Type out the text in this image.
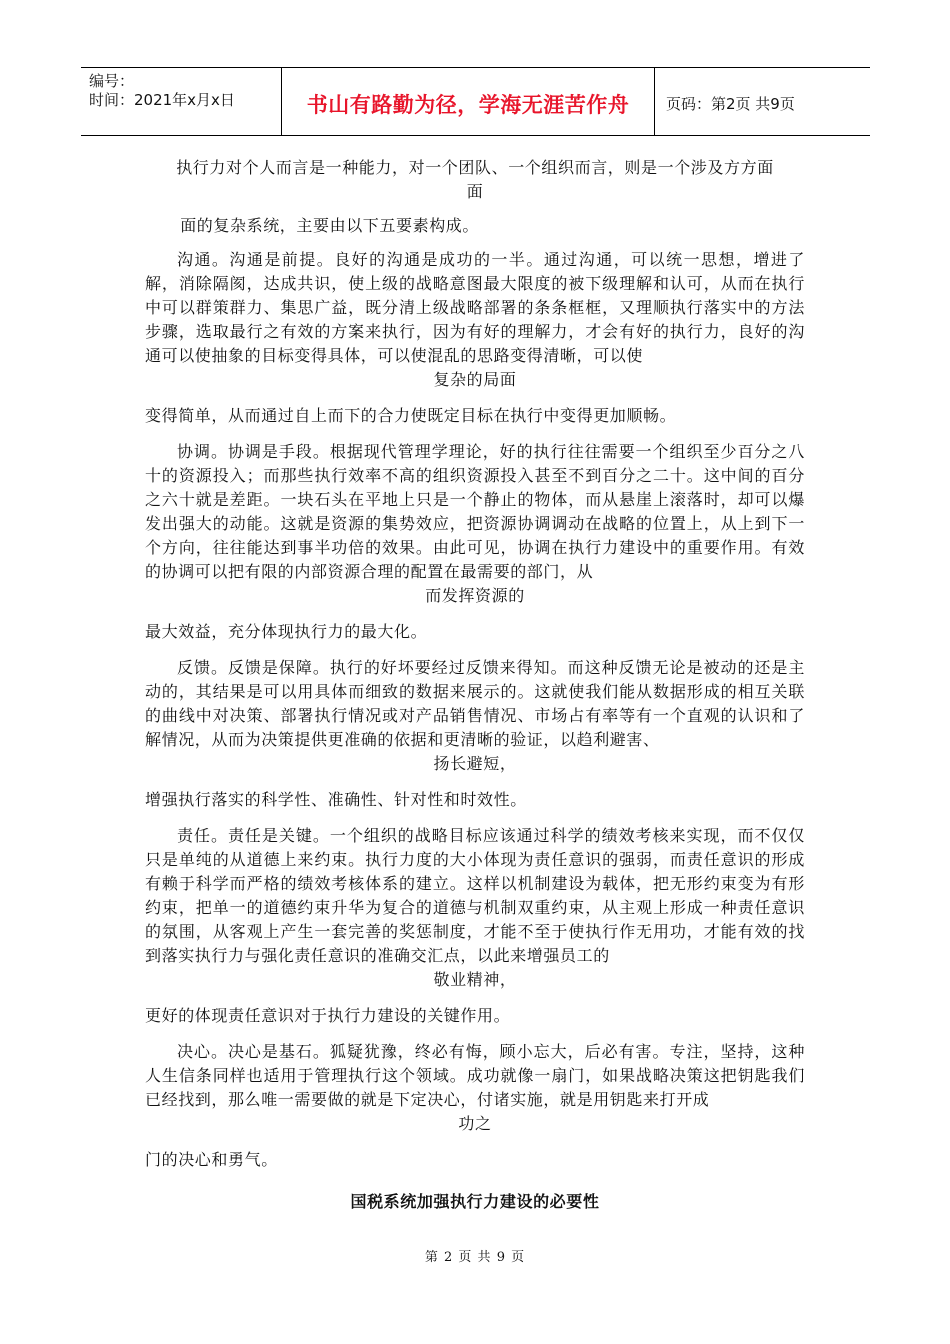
编号：
时间：2021年x月x日	书山有路勤为径，学海无涯苦作舟	页码：第2页 共9页

执行力对个人而言是一种能力，对一个团队、一个组织而言，则是一个涉及方方面

面

面的复杂系统，主要由以下五要素构成。

沟通。沟通是前提。良好的沟通是成功的一半。通过沟通，可以统一思想，增进了解，消除隔阂，达成共识，使上级的战略意图最大限度的被下级理解和认可，从而在执行中可以群策群力、集思广益，既分清上级战略部署的条条框框，又理顺执行落实中的方法步骤，选取最行之有效的方案来执行，因为有好的理解力，才会有好的执行力，良好的沟通可以使抽象的目标变得具体，可以使混乱的思路变得清晰，可以使

复杂的局面

变得简单，从而通过自上而下的合力使既定目标在执行中变得更加顺畅。

协调。协调是手段。根据现代管理学理论，好的执行往往需要一个组织至少百分之八十的资源投入；而那些执行效率不高的组织资源投入甚至不到百分之二十。这中间的百分之六十就是差距。一块石头在平地上只是一个静止的物体，而从悬崖上滚落时，却可以爆发出强大的动能。这就是资源的集势效应，把资源协调调动在战略的位置上，从上到下一个方向，往往能达到事半功倍的效果。由此可见，协调在执行力建设中的重要作用。有效的协调可以把有限的内部资源合理的配置在最需要的部门，从

而发挥资源的

最大效益，充分体现执行力的最大化。

反馈。反馈是保障。执行的好坏要经过反馈来得知。而这种反馈无论是被动的还是主动的，其结果是可以用具体而细致的数据来展示的。这就使我们能从数据形成的相互关联的曲线中对决策、部署执行情况或对产品销售情况、市场占有率等有一个直观的认识和了解情况，从而为决策提供更准确的依据和更清晰的验证，以趋利避害、

扬长避短，

增强执行落实的科学性、准确性、针对性和时效性。

责任。责任是关键。一个组织的战略目标应该通过科学的绩效考核来实现，而不仅仅只是单纯的从道德上来约束。执行力度的大小体现为责任意识的强弱，而责任意识的形成有赖于科学而严格的绩效考核体系的建立。这样以机制建设为载体，把无形约束变为有形约束，把单一的道德约束升华为复合的道德与机制双重约束，从主观上形成一种责任意识的氛围，从客观上产生一套完善的奖惩制度，才能不至于使执行作无用功，才能有效的找到落实执行力与强化责任意识的准确交汇点，以此来增强员工的

敬业精神，

更好的体现责任意识对于执行力建设的关键作用。

决心。决心是基石。狐疑犹豫，终必有悔，顾小忘大，后必有害。专注，坚持，这种人生信条同样也适用于管理执行这个领域。成功就像一扇门，如果战略决策这把钥匙我们已经找到，那么唯一需要做的就是下定决心，付诸实施，就是用钥匙来打开成

功之

门的决心和勇气。

国税系统加强执行力建设的必要性

第 2 页 共 9 页
